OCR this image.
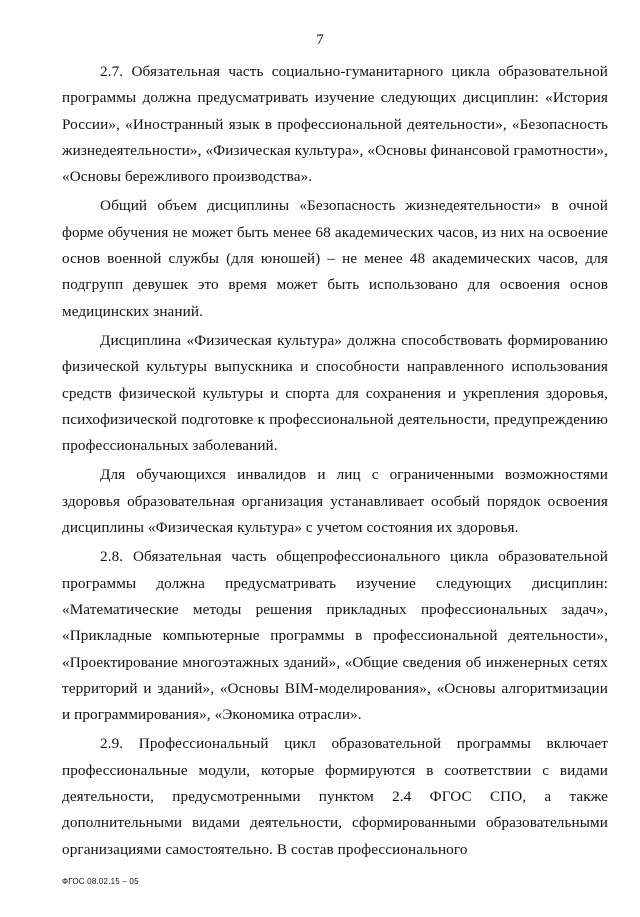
7

2.7. Обязательная часть социально-гуманитарного цикла образовательной программы должна предусматривать изучение следующих дисциплин: «История России», «Иностранный язык в профессиональной деятельности», «Безопасность жизнедеятельности», «Физическая культура», «Основы финансовой грамотности», «Основы бережливого производства».

Общий объем дисциплины «Безопасность жизнедеятельности» в очной форме обучения не может быть менее 68 академических часов, из них на освоение основ военной службы (для юношей) – не менее 48 академических часов, для подгрупп девушек это время может быть использовано для освоения основ медицинских знаний.

Дисциплина «Физическая культура» должна способствовать формированию физической культуры выпускника и способности направленного использования средств физической культуры и спорта для сохранения и укрепления здоровья, психофизической подготовке к профессиональной деятельности, предупреждению профессиональных заболеваний.

Для обучающихся инвалидов и лиц с ограниченными возможностями здоровья образовательная организация устанавливает особый порядок освоения дисциплины «Физическая культура» с учетом состояния их здоровья.

2.8. Обязательная часть общепрофессионального цикла образовательной программы должна предусматривать изучение следующих дисциплин: «Математические методы решения прикладных профессиональных задач», «Прикладные компьютерные программы в профессиональной деятельности», «Проектирование многоэтажных зданий», «Общие сведения об инженерных сетях территорий и зданий», «Основы BIM-моделирования», «Основы алгоритмизации и программирования», «Экономика отрасли».

2.9. Профессиональный цикл образовательной программы включает профессиональные модули, которые формируются в соответствии с видами деятельности, предусмотренными пунктом 2.4 ФГОС СПО, а также дополнительными видами деятельности, сформированными образовательными организациями самостоятельно. В состав профессионального

ФГОС 08.02.15 – 05
